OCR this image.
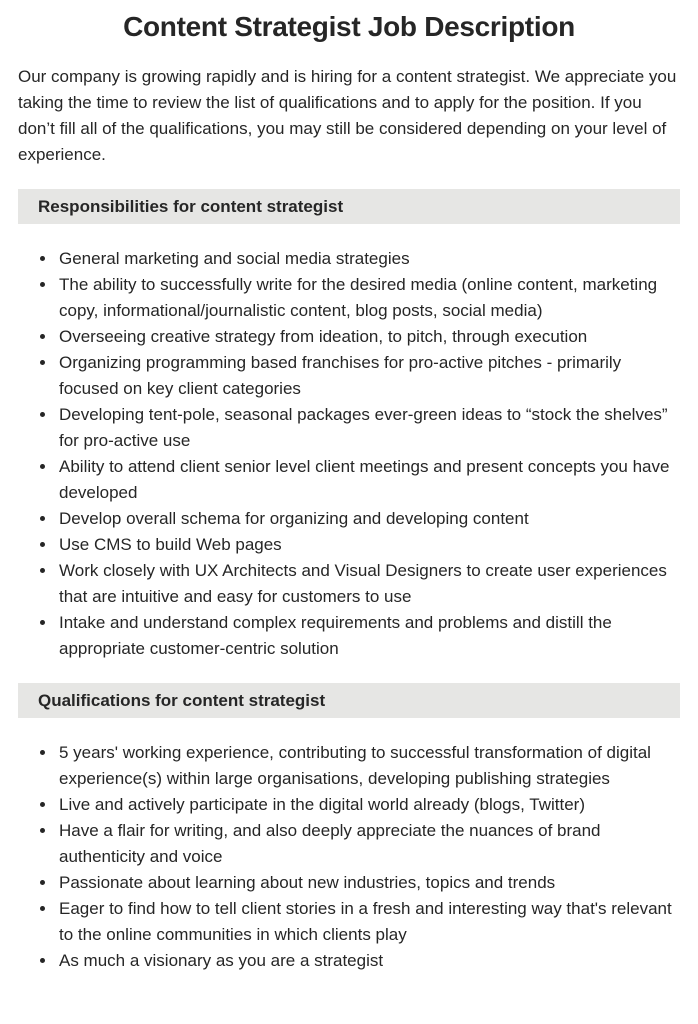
Content Strategist Job Description

Our company is growing rapidly and is hiring for a content strategist. We appreciate you taking the time to review the list of qualifications and to apply for the position. If you don’t fill all of the qualifications, you may still be considered depending on your level of experience.

Responsibilities for content strategist
• General marketing and social media strategies
• The ability to successfully write for the desired media (online content, marketing copy, informational/journalistic content, blog posts, social media)
• Overseeing creative strategy from ideation, to pitch, through execution
• Organizing programming based franchises for pro-active pitches - primarily focused on key client categories
• Developing tent-pole, seasonal packages ever-green ideas to “stock the shelves” for pro-active use
• Ability to attend client senior level client meetings and present concepts you have developed
• Develop overall schema for organizing and developing content
• Use CMS to build Web pages
• Work closely with UX Architects and Visual Designers to create user experiences that are intuitive and easy for customers to use
• Intake and understand complex requirements and problems and distill the appropriate customer-centric solution
Qualifications for content strategist
• 5 years' working experience, contributing to successful transformation of digital experience(s) within large organisations, developing publishing strategies
• Live and actively participate in the digital world already (blogs, Twitter)
• Have a flair for writing, and also deeply appreciate the nuances of brand authenticity and voice
• Passionate about learning about new industries, topics and trends
• Eager to find how to tell client stories in a fresh and interesting way that's relevant to the online communities in which clients play
• As much a visionary as you are a strategist
